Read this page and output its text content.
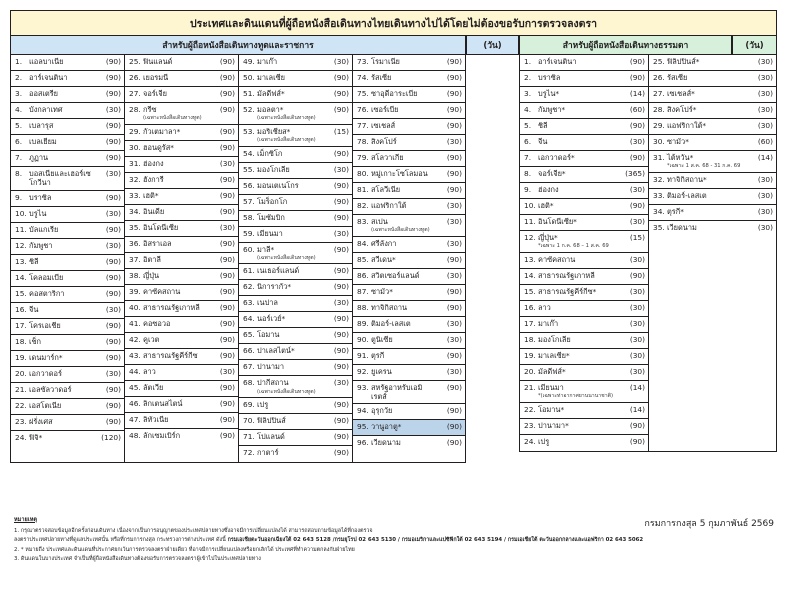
ประเทศและดินแดนที่ผู้ถือหนังสือเดินทางไทยเดินทางไปได้โดยไม่ต้องขอรับการตรวจลงตรา
สำหรับผู้ถือหนังสือเดินทางทูตและราชการ	(วัน)	สำหรับผู้ถือหนังสือเดินทางธรรมดา	(วัน)
1. แอลบาเนีย	(90)
2. อาร์เจนตินา	(90)
3. ออสเตรีย	(90)
4. บังกลาเทศ	(30)
5. เบลารุส	(90)
6. เบลเยียม	(90)
7. ภูฏาน	(90)
8. บอสเนียและเฮอร์เซโกวีนา
(30)
9. บราซิล	(90)
10. บรูไน	(30)
11. บัลแกเรีย	(90)
12. กัมพูชา	(30)
13. ชิลี	(90)
14. โคลอมเบีย	(90)
15. คอสตาริกา	(90)
16. จีน	(30)
17. โครเอเชีย	(90)
18. เช็ก	(90)
19. เดนมาร์ก*	(90)
20. เอกวาดอร์	(30)
21. เอลซัลวาดอร์	(90)
22. เอสโตเนีย	(90)
23. ฝรั่งเศส	(90)
24. ฟิจิ*	(120)
25. ฟินแลนด์	(90)
26. เยอรมนี	(90)
27. จอร์เจีย	(90)
28. กรีซ
(เฉพาะหนังสือเดินทางทูต)
(90)
29. กัวเตมาลา*	(90)
30. ฮอนดูรัส*	(90)
31. ฮ่องกง	(30)
32. ฮังการี	(90)
33. เฮติ*	(90)
34. อินเดีย	(90)
35. อินโดนีเซีย	(30)
36. อิสราเอล	(90)
37. อิตาลี	(90)
38. ญี่ปุ่น	(90)
39. คาซัคสถาน	(90)
40. สาธารณรัฐเกาหลี	(90)
41. คอซอวอ	(90)
42. คูเวต	(90)
43. สาธารณรัฐคีร์กีซ	(90)
44. ลาว	(30)
45. ลัตเวีย	(90)
46. ลิกเตนสไตน์	(90)
47. ลิทัวเนีย	(90)
48. ลักเซมเบิร์ก	(90)
49. มาเก๊า	(30)
50. มาเลเซีย	(90)
51. มัลดีฟส์*	(90)
52. มอลตา*
(เฉพาะหนังสือเดินทางทูต)
(90)
53. มอริเชียส*
(เฉพาะหนังสือเดินทางทูต)
(15)
54. เม็กซิโก	(90)
55. มองโกเลีย	(30)
56. มอนเตเนโกร	(90)
57. โมร็อกโก	(90)
58. โมซัมบิก	(90)
59. เมียนมา	(30)
60. มาลี*
(เฉพาะหนังสือเดินทางทูต)
(90)
61. เนเธอร์แลนด์	(90)
62. นิการากัว*	(90)
63. เนปาล	(30)
64. นอร์เวย์*	(90)
65. โอมาน	(90)
66. ปาเลสไตน์*	(90)
67. ปานามา	(90)
68. ปากีสถาน
(เฉพาะหนังสือเดินทางทูต)
(30)
69. เปรู	(90)
70. ฟิลิปปินส์	(90)
71. โปแลนด์	(90)
72. กาตาร์	(90)
73. โรมาเนีย	(90)
74. รัสเซีย	(90)
75. ซาอุดีอาระเบีย	(90)
76. เซอร์เบีย	(90)
77. เซเชลส์	(90)
78. สิงคโปร์	(30)
79. สโลวาเกีย	(90)
80. หมู่เกาะโซโลมอน	(90)
81. สโลวีเนีย	(90)
82. แอฟริกาใต้	(30)
83. สเปน
(เฉพาะหนังสือเดินทางทูต)
(30)
84. ศรีลังกา	(30)
85. สวีเดน*	(90)
86. สวิตเซอร์แลนด์	(30)
87. ซามัว*	(90)
88. ทาจิกิสถาน	(90)
89. ติมอร์-เลสเต	(30)
90. ตูนิเซีย	(30)
91. ตุรกี	(90)
92. ยูเครน	(30)
93. สหรัฐอาหรับเอมิเรตส์
(90)
94. อุรุกวัย	(90)
95. วานูอาตู*	(90)
96. เวียดนาม	(90)
1. อาร์เจนตินา	(90)
2. บราซิล	(90)
3. บรูไน*	(14)
4. กัมพูชา*	(60)
5. ชิลี	(90)
6. จีน	(30)
7. เอกวาดอร์*	(90)
8. จอร์เจีย*	(365)
9. ฮ่องกง	(30)
10. เฮติ*	(90)
11. อินโดนีเซีย*	(30)
12. ญี่ปุ่น*
*เฉพาะ 1 ก.ค. 68 – 1 ส.ค. 69
(15)
13. คาซัคสถาน	(30)
14. สาธารณรัฐเกาหลี	(90)
15. สาธารณรัฐคีร์กีซ*	(30)
16. ลาว	(30)
17. มาเก๊า	(30)
18. มองโกเลีย	(30)
19. มาเลเซีย*	(30)
20. มัลดีฟส์*	(30)
21. เมียนมา
*(เฉพาะท่าอากาศยานนานาชาติ)
(14)
22. โอมาน*	(14)
23. ปานามา*	(90)
24. เปรู	(90)
25. ฟิลิปปินส์*	(30)
26. รัสเซีย	(30)
27. เซเชลส์*	(30)
28. สิงคโปร์*	(30)
29. แอฟริกาใต้*	(30)
30. ซามัว*	(60)
31. ไต้หวัน*
*เฉพาะ 1 ส.ค. 68 - 31 ก.ค. 69
(14)
32. ทาจิกิสถาน*	(30)
33. ติมอร์-เลสเต	(30)
34. ตุรกี*	(30)
35. เวียดนาม	(30)
หมายเหตุ

1. กรุณาตรวจสอบข้อมูลอีกครั้งก่อนเดินทาง เนื่องจากเป็นการอนุญาตของประเทศปลายทางซึ่งอาจมีการเปลี่ยนแปลงได้ สามารถสอบถามข้อมูลได้ที่กองตรวจ

ลงตราประเทศปลายทางที่ดูแลประเทศนั้น หรือที่กรมการกงสุล กระทรวงการต่างประเทศ ดังนี้ กรมเอเชียตะวันออกเฉียงใต้ 02 643 5128 /กรมยุโรป 02 643 5130 / กรมอเมริกาและแปซิฟิกใต้ 02 643 5194 / กรมเอเชียใต้ ตะวันออกกลางและแอฟริกา 02 643 5062

2. * หมายถึง ประเทศและดินแดนที่ประกาศยกเว้นการตรวจลงตราฝ่ายเดียว ที่อาจมีการเปลี่ยนแปลงหรือยกเลิกได้ ประเทศที่ทำความตกลงกับฝ่ายไทย

3. ดินแดนในบางประเทศ จำเป็นที่ผู้ถือหนังสือเดินทางต้องขอรับการตรวจลงตราผู้เข้าไปในประเทศปลายทาง

กรมการกงสุล 5 กุมภาพันธ์ 2569
